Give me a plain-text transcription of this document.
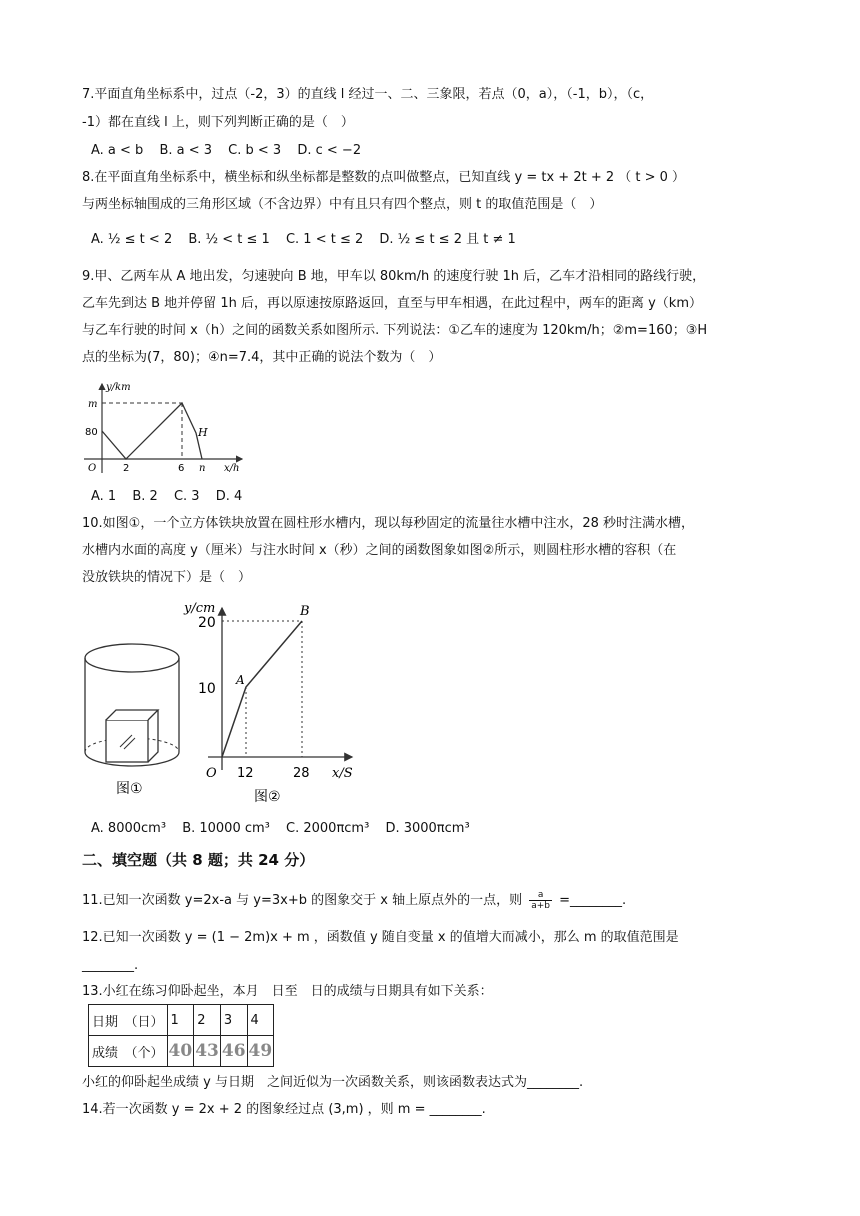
7.平面直角坐标系中，过点（-2，3）的直线 l 经过一、二、三象限，若点（0，a），（-1，b），（c，
-1）都在直线 l 上，则下列判断正确的是（　）
A. a < b B. a < 3 C. b < 3 D. c < −2
8.在平面直角坐标系中，横坐标和纵坐标都是整数的点叫做整点，已知直线 y = tx + 2t + 2 （ t > 0 ）
与两坐标轴围成的三角形区域（不含边界）中有且只有四个整点，则 t 的取值范围是（　）
A. ½ ≤ t < 2 B. ½ < t ≤ 1 C. 1 < t ≤ 2 D. ½ ≤ t ≤ 2 且 t ≠ 1
9.甲、乙两车从 A 地出发，匀速驶向 B 地，甲车以 80km/h 的速度行驶 1h 后，乙车才沿相同的路线行驶，
乙车先到达 B 地并停留 1h 后，再以原速按原路返回，直至与甲车相遇，在此过程中，两车的距离 y（km）
与乙车行驶的时间 x（h）之间的函数关系如图所示. 下列说法：①乙车的速度为 120km/h；②m=160；③H
点的坐标为(7，80)；④n=7.4，其中正确的说法个数为（　）
y/km
m
80
O	2	6 n
H
x/h
A. 1 B. 2 C. 3 D. 4
10.如图①，一个立方体铁块放置在圆柱形水槽内，现以每秒固定的流量往水槽中注水，28 秒时注满水槽，
水槽内水面的高度 y（厘米）与注水时间 x（秒）之间的函数图象如图②所示，则圆柱形水槽的容积（在
没放铁块的情况下）是（　）
图①
y/cm
20
10
A
B
O 12	28 x/S
图②
A. 8000cm³ B. 10000 cm³ C. 2000πcm³ D. 3000πcm³
二、填空题（共 8 题；共 24 分）
11.已知一次函数 y=2x-a 与 y=3x+b 的图象交于 x 轴上原点外的一点，则 $\frac{a}{a+b}$ =________.
12.已知一次函数 y = (1 − 2m)x + m ，函数值 y 随自变量 x 的值增大而减小，那么 m 的取值范围是
________.
13.小红在练习仰卧起坐，本月　日至　日的成绩与日期具有如下关系：
日期　（日）	1	2	3	4
成绩　（个）	40	43	46	49
小红的仰卧起坐成绩 y 与日期　之间近似为一次函数关系，则该函数表达式为________.
14.若一次函数 y = 2x + 2 的图象经过点 (3,m) ，则 m = ________.
